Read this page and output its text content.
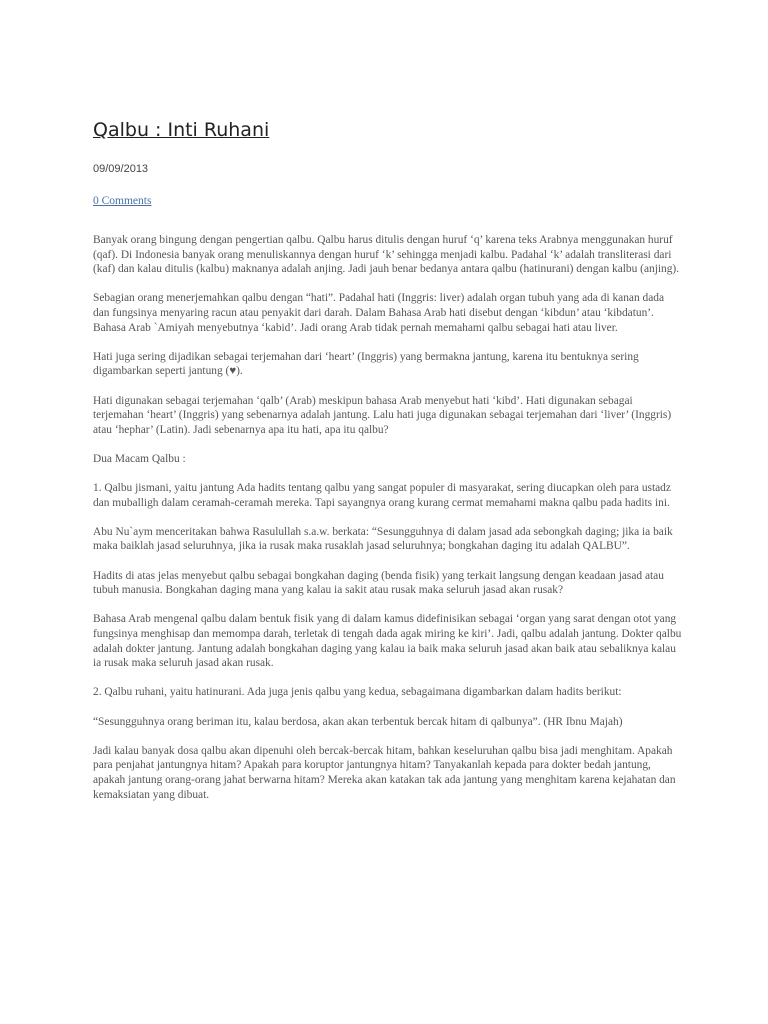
Qalbu : Inti Ruhani
09/09/2013
0 Comments

Banyak orang bingung dengan pengertian qalbu. Qalbu harus ditulis dengan huruf ‘q’ karena teks Arabnya menggunakan huruf (qaf). Di Indonesia banyak orang menuliskannya dengan huruf ‘k’ sehingga menjadi kalbu. Padahal ‘k’ adalah transliterasi dari (kaf) dan kalau ditulis (kalbu) maknanya adalah anjing. Jadi jauh benar bedanya antara qalbu (hatinurani) dengan kalbu (anjing).

Sebagian orang menerjemahkan qalbu dengan “hati”. Padahal hati (Inggris: liver) adalah organ tubuh yang ada di kanan dada dan fungsinya menyaring racun atau penyakit dari darah. Dalam Bahasa Arab hati disebut dengan ‘kibdun’ atau ‘kibdatun’. Bahasa Arab `Amiyah menyebutnya ‘kabid’. Jadi orang Arab tidak pernah memahami qalbu sebagai hati atau liver.

Hati juga sering dijadikan sebagai terjemahan dari ‘heart’ (Inggris) yang bermakna jantung, karena itu bentuknya sering digambarkan seperti jantung (♥).

Hati digunakan sebagai terjemahan ‘qalb’ (Arab) meskipun bahasa Arab menyebut hati ‘kibd’. Hati digunakan sebagai terjemahan ‘heart’ (Inggris) yang sebenarnya adalah jantung. Lalu hati juga digunakan sebagai terjemahan dari ‘liver’ (Inggris) atau ‘hephar’ (Latin). Jadi sebenarnya apa itu hati, apa itu qalbu?

Dua Macam Qalbu :

1. Qalbu jismani, yaitu jantung Ada hadits tentang qalbu yang sangat populer di masyarakat, sering diucapkan oleh para ustadz dan muballigh dalam ceramah-ceramah mereka. Tapi sayangnya orang kurang cermat memahami makna qalbu pada hadits ini.

Abu Nu`aym menceritakan bahwa Rasulullah s.a.w. berkata: “Sesungguhnya di dalam jasad ada sebongkah daging; jika ia baik maka baiklah jasad seluruhnya, jika ia rusak maka rusaklah jasad seluruhnya; bongkahan daging itu adalah QALBU”.

Hadits di atas jelas menyebut qalbu sebagai bongkahan daging (benda fisik) yang terkait langsung dengan keadaan jasad atau tubuh manusia. Bongkahan daging mana yang kalau ia sakit atau rusak maka seluruh jasad akan rusak?

Bahasa Arab mengenal qalbu dalam bentuk fisik yang di dalam kamus didefinisikan sebagai ‘organ yang sarat dengan otot yang fungsinya menghisap dan memompa darah, terletak di tengah dada agak miring ke kiri’. Jadi, qalbu adalah jantung. Dokter qalbu adalah dokter jantung. Jantung adalah bongkahan daging yang kalau ia baik maka seluruh jasad akan baik atau sebaliknya kalau ia rusak maka seluruh jasad akan rusak.

2. Qalbu ruhani, yaitu hatinurani. Ada juga jenis qalbu yang kedua, sebagaimana digambarkan dalam hadits berikut:

“Sesungguhnya orang beriman itu, kalau berdosa, akan akan terbentuk bercak hitam di qalbunya”. (HR Ibnu Majah)

Jadi kalau banyak dosa qalbu akan dipenuhi oleh bercak-bercak hitam, bahkan keseluruhan qalbu bisa jadi menghitam. Apakah para penjahat jantungnya hitam? Apakah para koruptor jantungnya hitam? Tanyakanlah kepada para dokter bedah jantung, apakah jantung orang-orang jahat berwarna hitam? Mereka akan katakan tak ada jantung yang menghitam karena kejahatan dan kemaksiatan yang dibuat.
